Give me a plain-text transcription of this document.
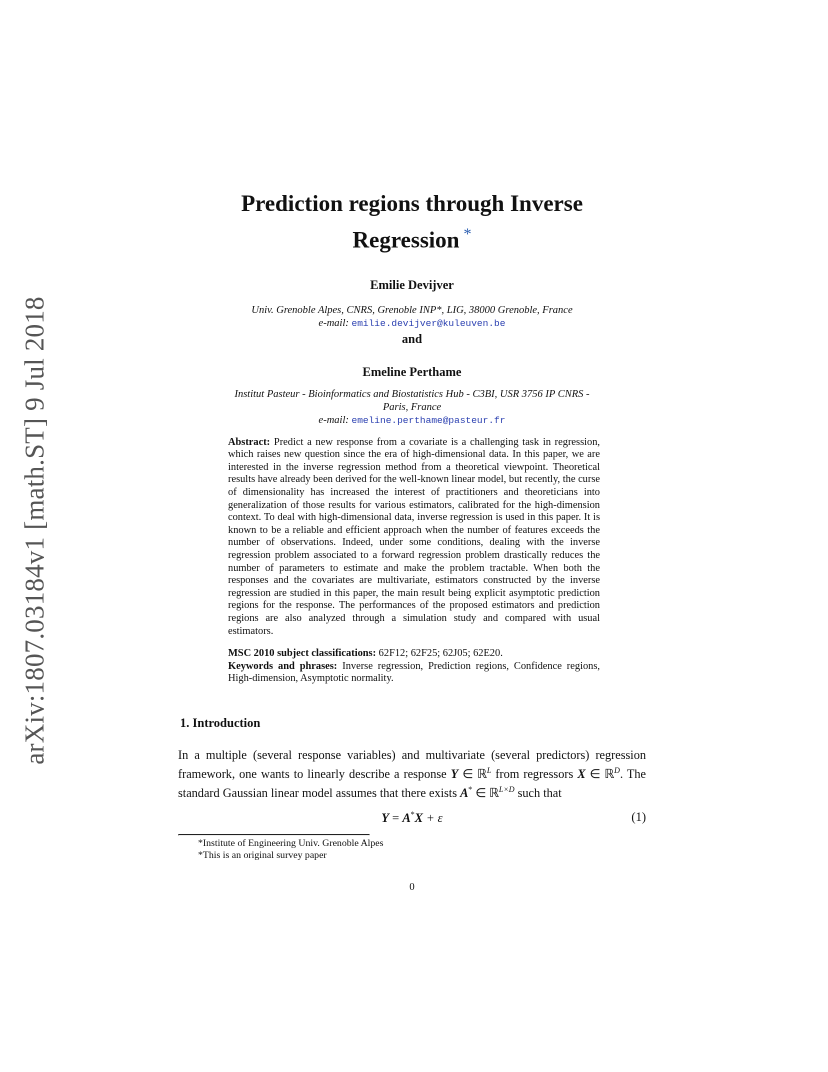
arXiv:1807.03184v1 [math.ST] 9 Jul 2018
Prediction regions through Inverse
Regression *

Emilie Devijver

Univ. Grenoble Alpes, CNRS, Grenoble INP*, LIG, 38000 Grenoble, France

e-mail: emilie.devijver@kuleuven.be

and

Emeline Perthame

Institut Pasteur - Bioinformatics and Biostatistics Hub - C3BI, USR 3756 IP CNRS -

Paris, France

e-mail: emeline.perthame@pasteur.fr

Abstract: Predict a new response from a covariate is a challenging task in regression, which raises new question since the era of high-dimensional data. In this paper, we are interested in the inverse regression method from a theoretical viewpoint. Theoretical results have already been derived for the well-known linear model, but recently, the curse of dimensionality has increased the interest of practitioners and theoreticians into generalization of those results for various estimators, calibrated for the high-dimension context. To deal with high-dimensional data, inverse regression is used in this paper. It is known to be a reliable and efficient approach when the number of features exceeds the number of observations. Indeed, under some conditions, dealing with the inverse regression problem associated to a forward regression problem drastically reduces the number of parameters to estimate and make the problem tractable. When both the responses and the covariates are multivariate, estimators constructed by the inverse regression are studied in this paper, the main result being explicit asymptotic prediction regions for the response. The performances of the proposed estimators and prediction regions are also analyzed through a simulation study and compared with usual estimators.

MSC 2010 subject classifications: 62F12; 62F25; 62J05; 62E20.

Keywords and phrases: Inverse regression, Prediction regions, Confidence regions, High-dimension, Asymptotic normality.

1. Introduction

In a multiple (several response variables) and multivariate (several predictors) regression framework, one wants to linearly describe a response Y ∈ ℝ$^L$ from regressors X ∈ ℝ$^D$. The standard Gaussian linear model assumes that there exists A* ∈ ℝ$^{L\times D}$ such that

Y = A*X + ε	(1)

*Institute of Engineering Univ. Grenoble Alpes

*This is an original survey paper

0
